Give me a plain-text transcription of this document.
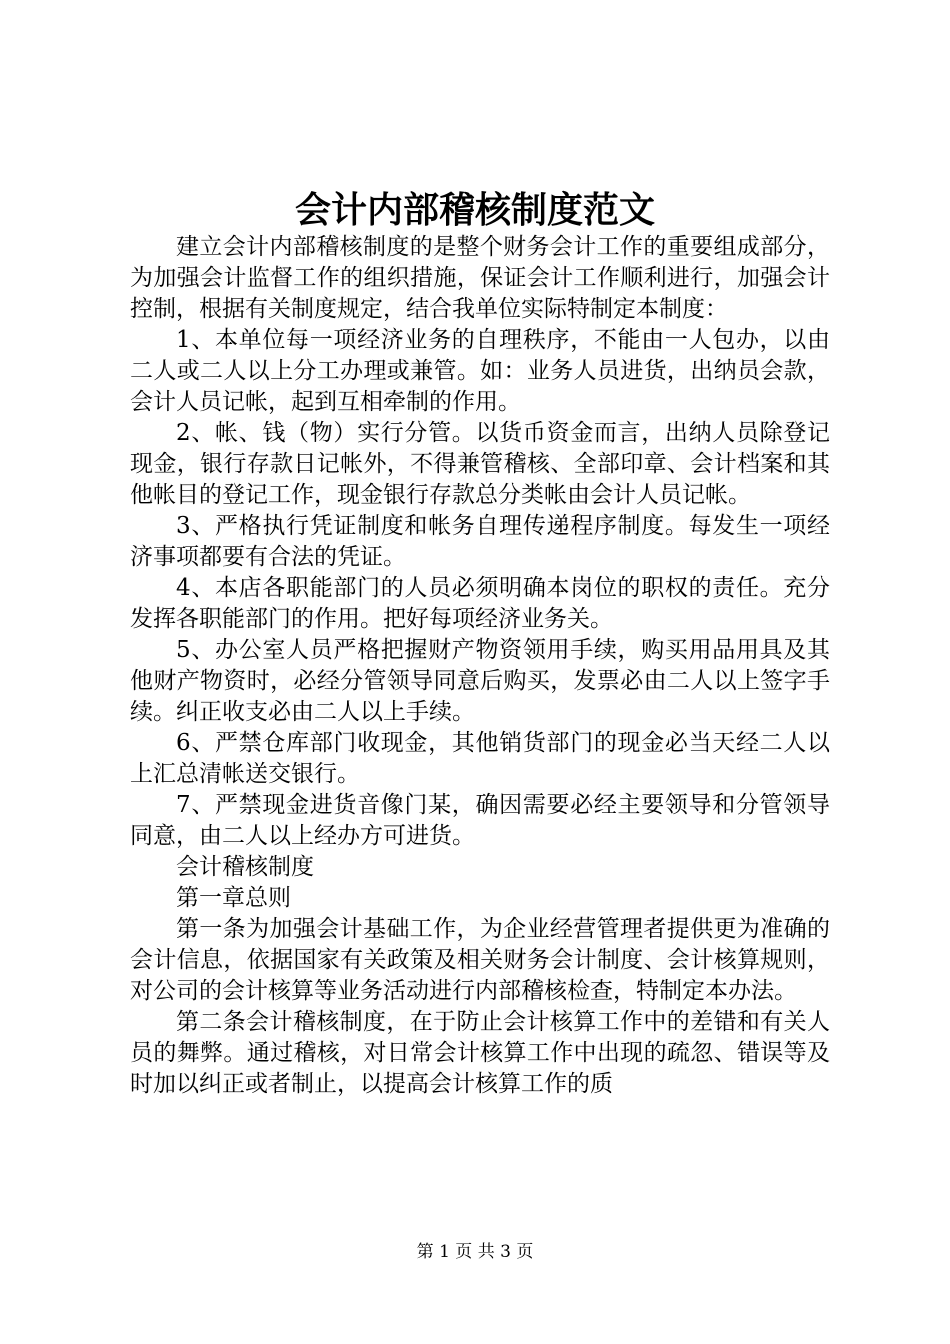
会计内部稽核制度范文

建立会计内部稽核制度的是整个财务会计工作的重要组成部分，为加强会计监督工作的组织措施，保证会计工作顺利进行，加强会计控制，根据有关制度规定，结合我单位实际特制定本制度：

1、本单位每一项经济业务的自理秩序，不能由一人包办，以由二人或二人以上分工办理或兼管。如：业务人员进货，出纳员会款，会计人员记帐，起到互相牵制的作用。

2、帐、钱（物）实行分管。以货币资金而言，出纳人员除登记现金，银行存款日记帐外，不得兼管稽核、全部印章、会计档案和其他帐目的登记工作，现金银行存款总分类帐由会计人员记帐。

3、严格执行凭证制度和帐务自理传递程序制度。每发生一项经济事项都要有合法的凭证。

4、本店各职能部门的人员必须明确本岗位的职权的责任。充分发挥各职能部门的作用。把好每项经济业务关。

5、办公室人员严格把握财产物资领用手续，购买用品用具及其他财产物资时，必经分管领导同意后购买，发票必由二人以上签字手续。纠正收支必由二人以上手续。

6、严禁仓库部门收现金，其他销货部门的现金必当天经二人以上汇总清帐送交银行。

7、严禁现金进货音像门某，确因需要必经主要领导和分管领导同意，由二人以上经办方可进货。

会计稽核制度

第一章总则

第一条为加强会计基础工作，为企业经营管理者提供更为准确的会计信息，依据国家有关政策及相关财务会计制度、会计核算规则，对公司的会计核算等业务活动进行内部稽核检查，特制定本办法。

第二条会计稽核制度，在于防止会计核算工作中的差错和有关人员的舞弊。通过稽核，对日常会计核算工作中出现的疏忽、错误等及时加以纠正或者制止，以提高会计核算工作的质

第 1 页 共 3 页
